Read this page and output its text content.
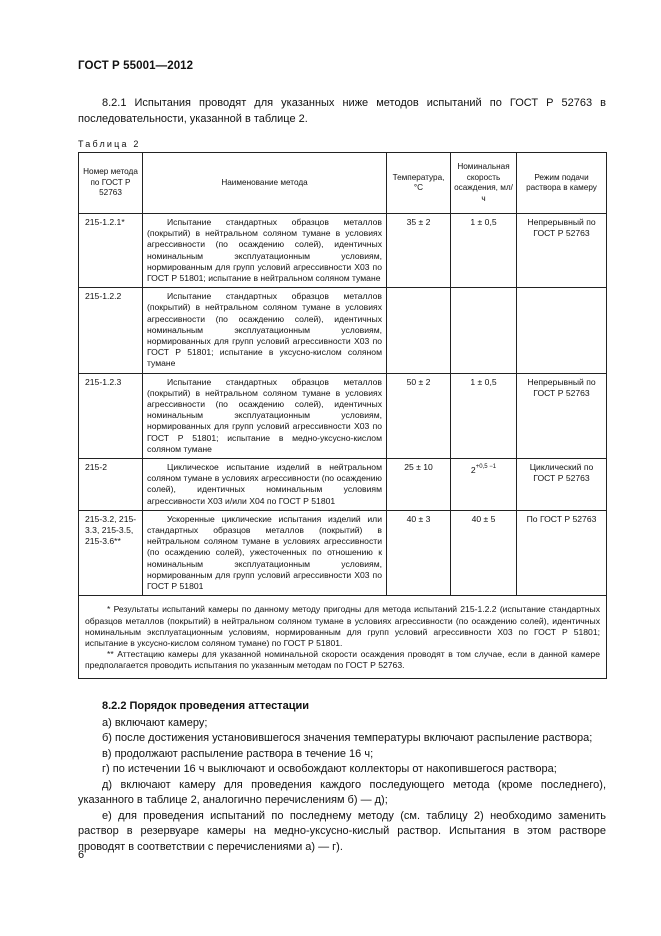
ГОСТ Р 55001—2012
8.2.1 Испытания проводят для указанных ниже методов испытаний по ГОСТ Р 52763 в последовательности, указанной в таблице 2.
Таблица 2
Номер метода по ГОСТ Р 52763	Наименование метода	Температура, °С	Номинальная скорость осаждения, мл/ч	Режим подачи раствора в камеру
215-1.2.1*	Испытание стандартных образцов металлов (покрытий) в нейтральном соляном тумане в условиях агрессивности (по осаждению солей), идентичных номинальным эксплуатационным условиям, нормированным для групп условий агрессивности Х03 по ГОСТ Р 51801; испытание в нейтральном соляном тумане	35 ± 2	1 ± 0,5	Непрерывный по ГОСТ Р 52763
215-1.2.2	Испытание стандартных образцов металлов (покрытий) в нейтральном соляном тумане в условиях агрессивности (по осаждению солей), идентичных номинальным эксплуатационным условиям, нормированных для групп условий агрессивности Х03 по ГОСТ Р 51801; испытание в уксусно-кислом соляном тумане			

215-1.2.3	Испытание стандартных образцов металлов (покрытий) в нейтральном соляном тумане в условиях агрессивности (по осаждению солей), идентичных номинальным эксплуатационным условиям, нормированных для групп условий агрессивности Х03 по ГОСТ Р 51801; испытание в медно-уксусно-кислом соляном тумане	50 ± 2	1 ± 0,5	Непрерывный по ГОСТ Р 52763
215-2	Циклическое испытание изделий в нейтральном соляном тумане в условиях агрессивности (по осаждению солей), идентичных номинальным условиям агрессивности Х03 и/или Х04 по ГОСТ Р 51801	25 ± 10	$2^{+0,5 -1}$	Циклический по ГОСТ Р 52763
215-3.2, 215-3.3, 215-3.5, 215-3.6**	Ускоренные циклические испытания изделий или стандартных образцов металлов (покрытий) в нейтральном соляном тумане в условиях агрессивности (по осаждению солей), ужесточенных по отношению к номинальным эксплуатационным условиям, нормированным для групп условий агрессивности Х03 по ГОСТ Р 51801	40 ± 3	40 ± 5	По ГОСТ Р 52763

* Результаты испытаний камеры по данному методу пригодны для метода испытаний 215-1.2.2 (испытание стандартных образцов металлов (покрытий) в нейтральном соляном тумане в условиях агрессивности (по осаждению солей), идентичных номинальным эксплуатационным условиям, нормированным для групп условий агрессивности Х03 по ГОСТ Р 51801; испытание в уксусно-кислом соляном тумане) по ГОСТ Р 51801.
** Аттестацию камеры для указанной номинальной скорости осаждения проводят в том случае, если в данной камере предполагается проводить испытания по указанным методам по ГОСТ Р 52763.				

8.2.2 Порядок проведения аттестации

а) включают камеру;

б) после достижения установившегося значения температуры включают распыление раствора;

в) продолжают распыление раствора в течение 16 ч;

г) по истечении 16 ч выключают и освобождают коллекторы от накопившегося раствора;

д) включают камеру для проведения каждого последующего метода (кроме последнего), указанного в таблице 2, аналогично перечислениям б) — д);

е) для проведения испытаний по последнему методу (см. таблицу 2) необходимо заменить раствор в резервуаре камеры на медно-уксусно-кислый раствор. Испытания в этом растворе проводят в соответствии с перечислениями а) — г).

6
